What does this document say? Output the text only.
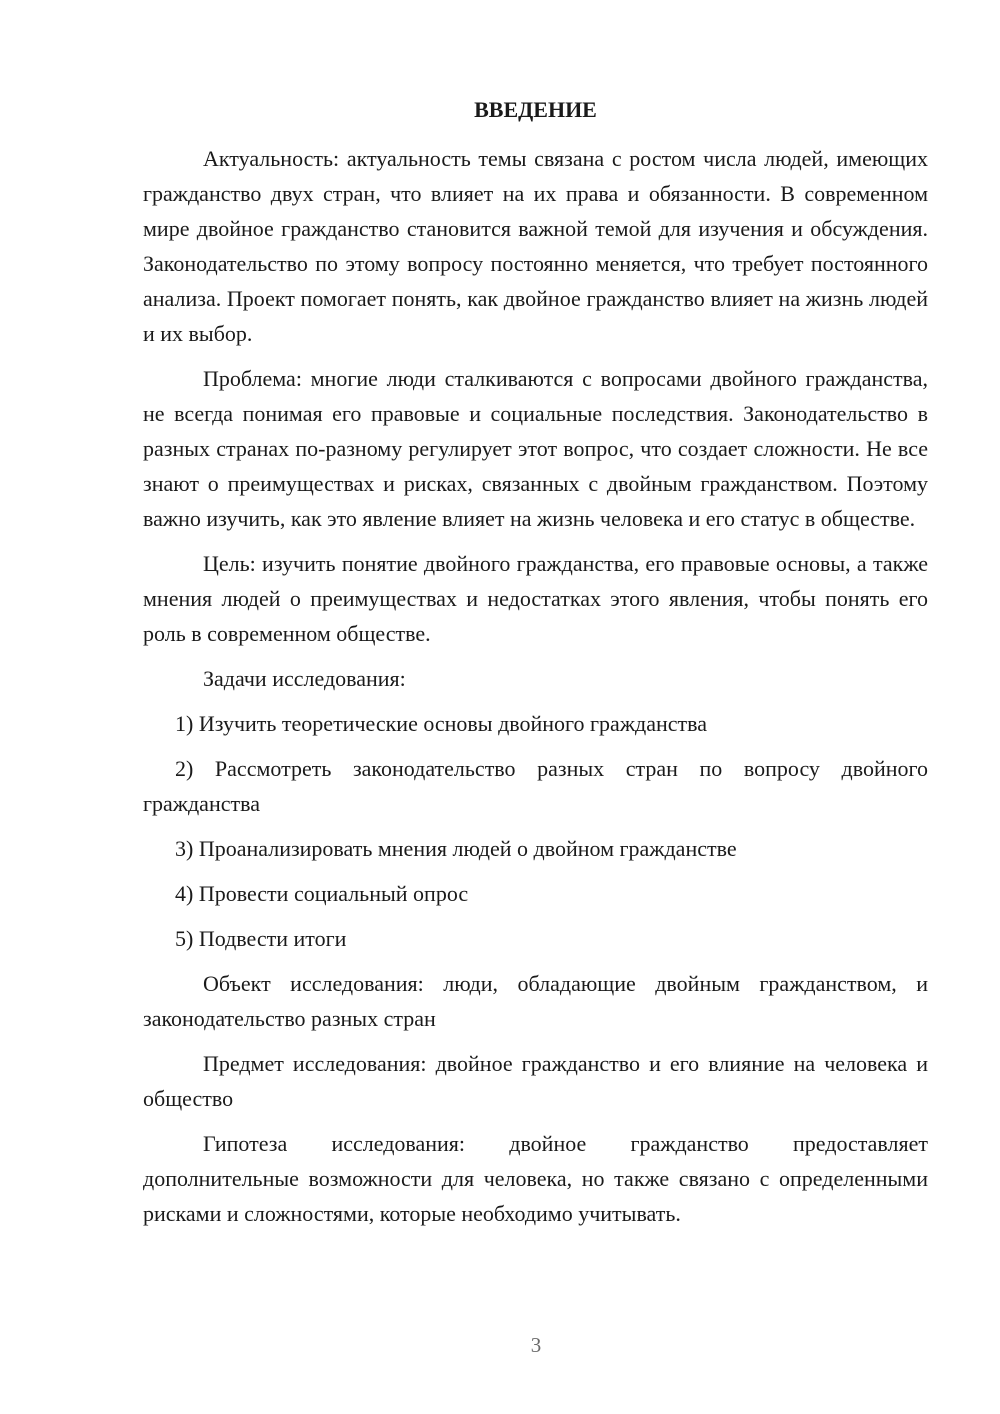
ВВЕДЕНИЕ

Актуальность: актуальность темы связана с ростом числа людей, имеющих гражданство двух стран, что влияет на их права и обязанности. В современном мире двойное гражданство становится важной темой для изучения и обсуждения. Законодательство по этому вопросу постоянно меняется, что требует постоянного анализа. Проект помогает понять, как двойное гражданство влияет на жизнь людей и их выбор.

Проблема: многие люди сталкиваются с вопросами двойного гражданства, не всегда понимая его правовые и социальные последствия. Законодательство в разных странах по-разному регулирует этот вопрос, что создает сложности. Не все знают о преимуществах и рисках, связанных с двойным гражданством. Поэтому важно изучить, как это явление влияет на жизнь человека и его статус в обществе.

Цель: изучить понятие двойного гражданства, его правовые основы, а также мнения людей о преимуществах и недостатках этого явления, чтобы понять его роль в современном обществе.

Задачи исследования:

1) Изучить теоретические основы двойного гражданства

2) Рассмотреть законодательство разных стран по вопросу двойного гражданства

3) Проанализировать мнения людей о двойном гражданстве

4) Провести социальный опрос

5) Подвести итоги

Объект исследования: люди, обладающие двойным гражданством, и законодательство разных стран

Предмет исследования: двойное гражданство и его влияние на человека и общество

Гипотеза исследования: двойное гражданство предоставляет дополнительные возможности для человека, но также связано с определенными рисками и сложностями, которые необходимо учитывать.

3
